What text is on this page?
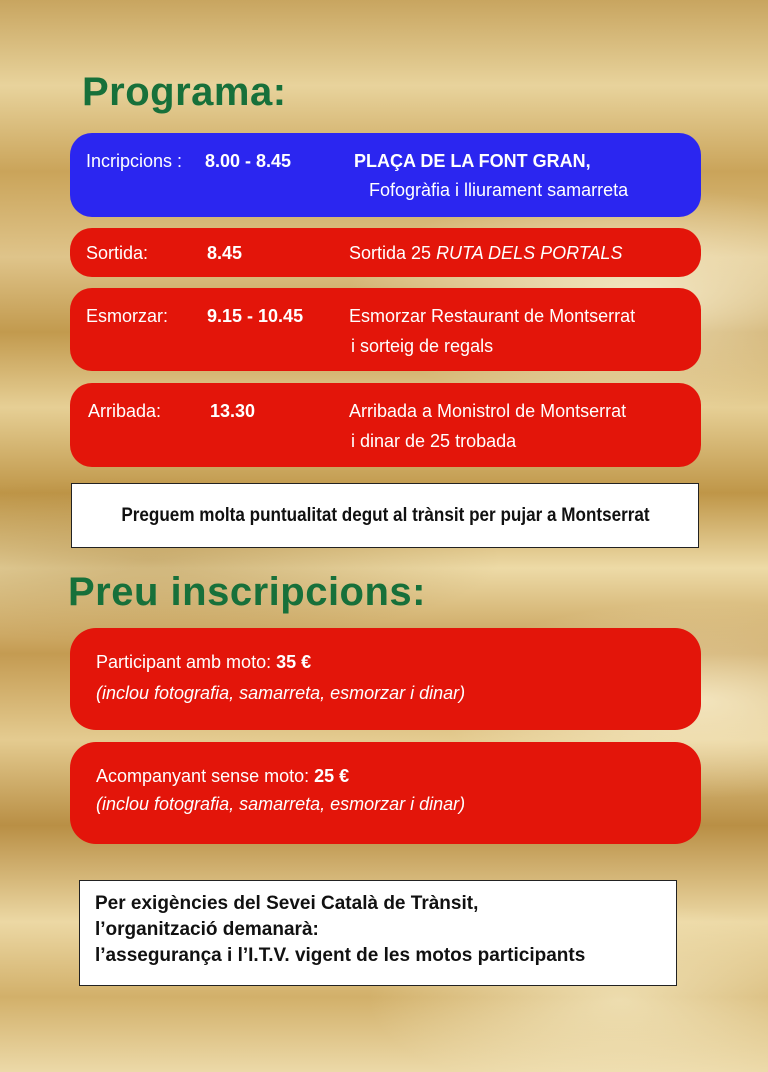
Programa:
Incripcions : 8.00 - 8.45	PLAÇA DE LA FONT GRAN,
Fofogràfia i lliurament samarreta
Sortida:	8.45	Sortida 25 RUTA DELS PORTALS
Esmorzar: 9.15 - 10.45	Esmorzar Restaurant de Montserrat
i sorteig de regals
Arribada:	13.30	Arribada a Monistrol de Montserrat
i dinar de 25 trobada
Preguem molta puntualitat degut al trànsit per pujar a Montserrat
Preu inscripcions:
Participant amb moto: 35 €
(inclou fotografia, samarreta, esmorzar i dinar)
Acompanyant sense moto: 25 €
(inclou fotografia, samarreta, esmorzar i dinar)
Per exigències del Sevei Català de Trànsit,
l’organització demanarà:
l’assegurança i l’I.T.V. vigent de les motos participants
